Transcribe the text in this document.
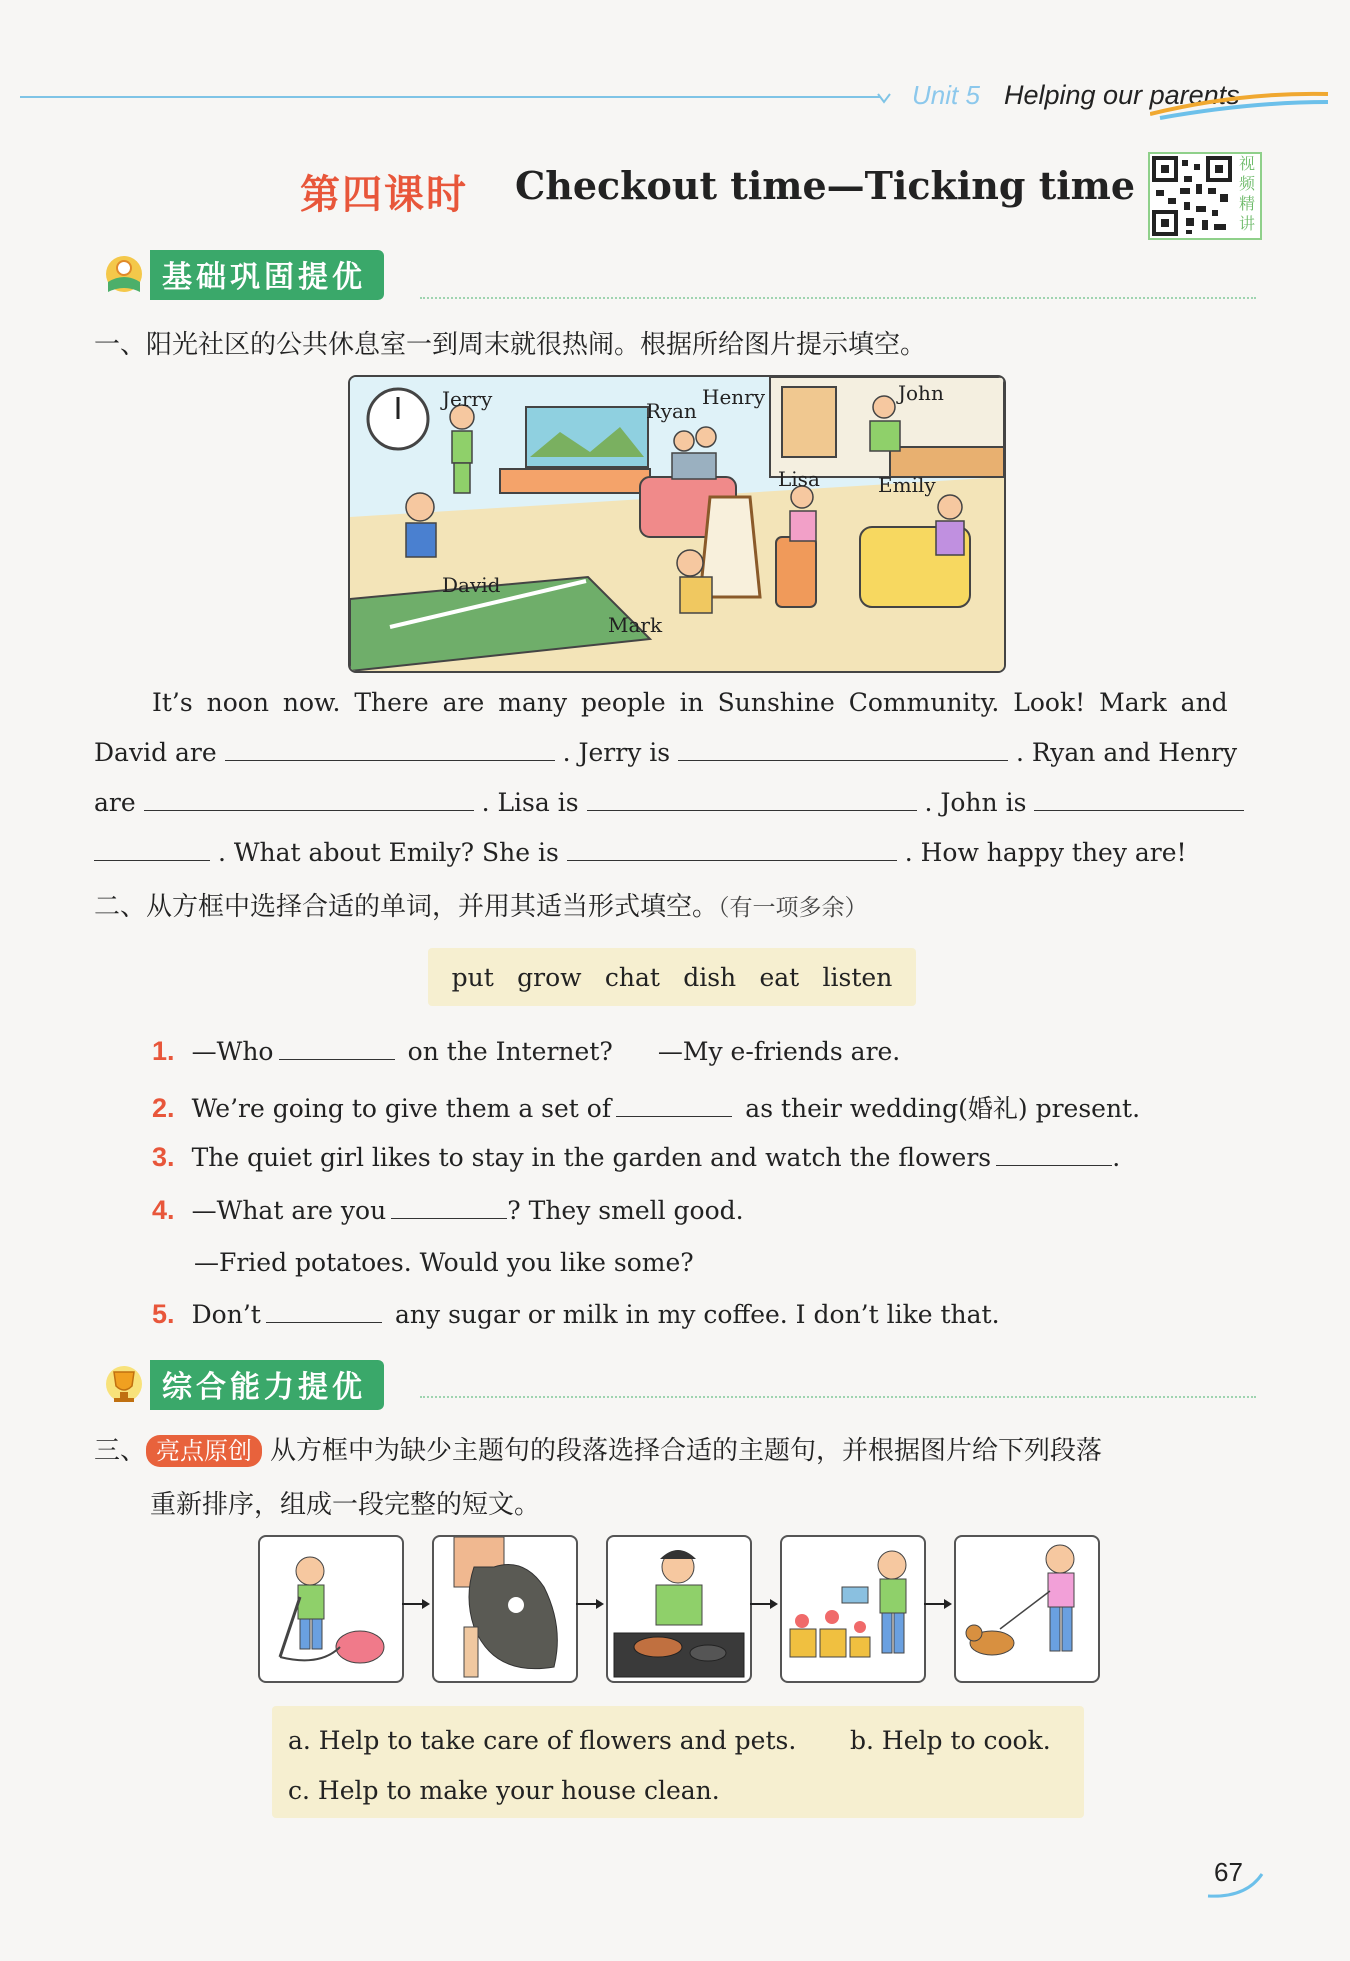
Unit 5 Helping our parents
第四课时 Checkout time—Ticking time	视频精讲
基础巩固提优
一、阳光社区的公共休息室一到周末就很热闹。根据所给图片提示填空。
Jerry	Ryan
Henry	John
Lisa	Emily
David
Mark
It’s noon now. There are many people in Sunshine Community. Look! Mark and
David are	. Jerry is	. Ryan and Henry
are	. Lisa is	. John is
. What about Emily? She is	. How happy they are!
二、从方框中选择合适的单词，并用其适当形式填空。（有一项多余）
put grow chat dish eat listen
1. —Who	on the Internet? —My e-friends are.
2. We’re going to give them a set of	as their wedding(婚礼) present.
3. The quiet girl likes to stay in the garden and watch the flowers	.
4. —What are you	? They smell good.
—Fried potatoes. Would you like some?
5. Don’t	any sugar or milk in my coffee. I don’t like that.
综合能力提优
三、 亮点原创 从方框中为缺少主题句的段落选择合适的主题句，并根据图片给下列段落
重新排序，组成一段完整的短文。
a. Help to take care of flowers and pets. b. Help to cook.
c. Help to make your house clean.
67
